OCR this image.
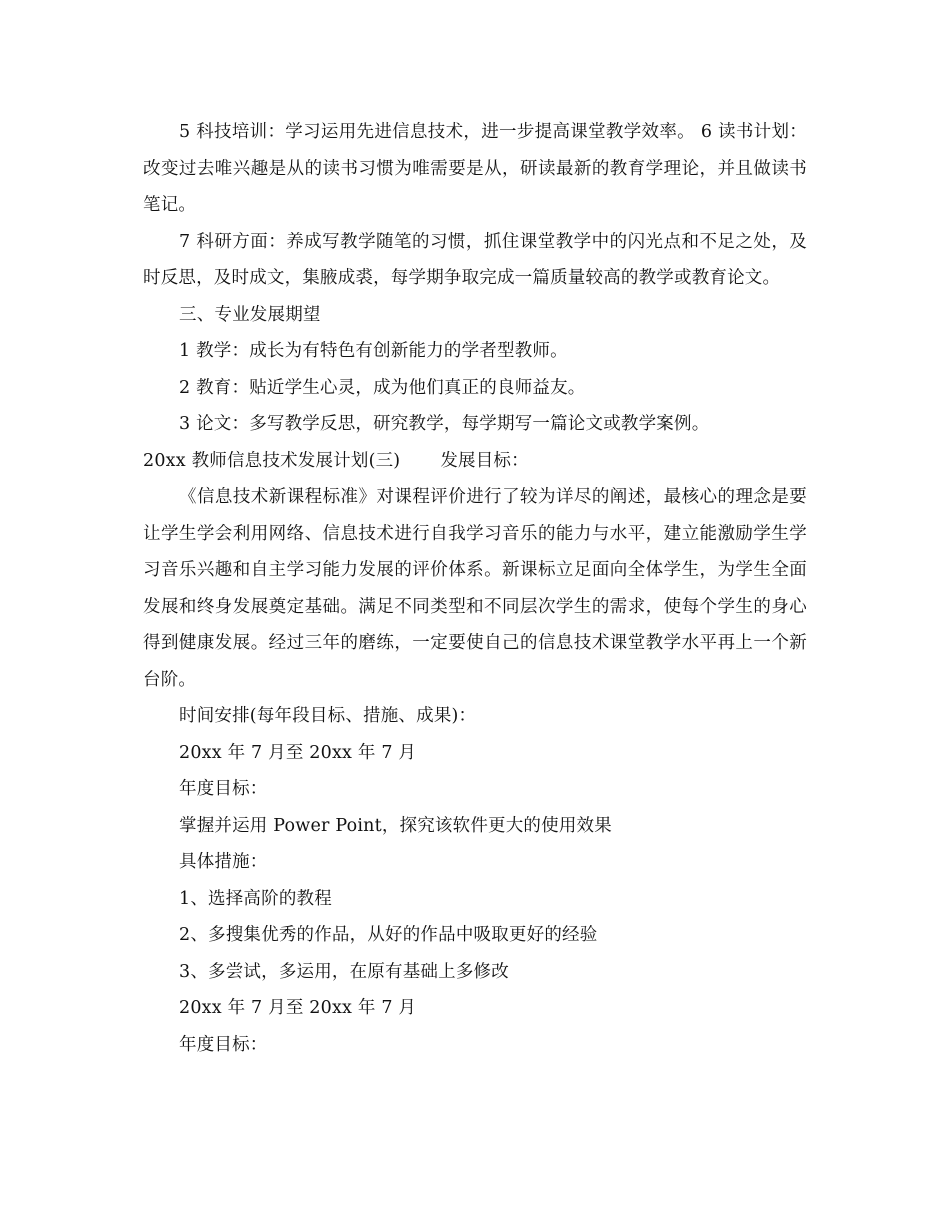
5 科技培训：学习运用先进信息技术，进一步提高课堂教学效率。 6 读书计划：改变过去唯兴趣是从的读书习惯为唯需要是从，研读最新的教育学理论，并且做读书笔记。

7 科研方面：养成写教学随笔的习惯，抓住课堂教学中的闪光点和不足之处，及时反思，及时成文，集腋成裘，每学期争取完成一篇质量较高的教学或教育论文。

三、专业发展期望

1 教学：成长为有特色有创新能力的学者型教师。

2 教育：贴近学生心灵，成为他们真正的良师益友。

3 论文：多写教学反思，研究教学，每学期写一篇论文或教学案例。

20xx 教师信息技术发展计划(三) 发展目标：

《信息技术新课程标准》对课程评价进行了较为详尽的阐述，最核心的理念是要让学生学会利用网络、信息技术进行自我学习音乐的能力与水平，建立能激励学生学习音乐兴趣和自主学习能力发展的评价体系。新课标立足面向全体学生，为学生全面发展和终身发展奠定基础。满足不同类型和不同层次学生的需求，使每个学生的身心得到健康发展。经过三年的磨练，一定要使自己的信息技术课堂教学水平再上一个新台阶。

时间安排(每年段目标、措施、成果)：

20xx 年 7 月至 20xx 年 7 月

年度目标：

掌握并运用 Power Point，探究该软件更大的使用效果

具体措施：

1、选择高阶的教程

2、多搜集优秀的作品，从好的作品中吸取更好的经验

3、多尝试，多运用，在原有基础上多修改

20xx 年 7 月至 20xx 年 7 月

年度目标：
